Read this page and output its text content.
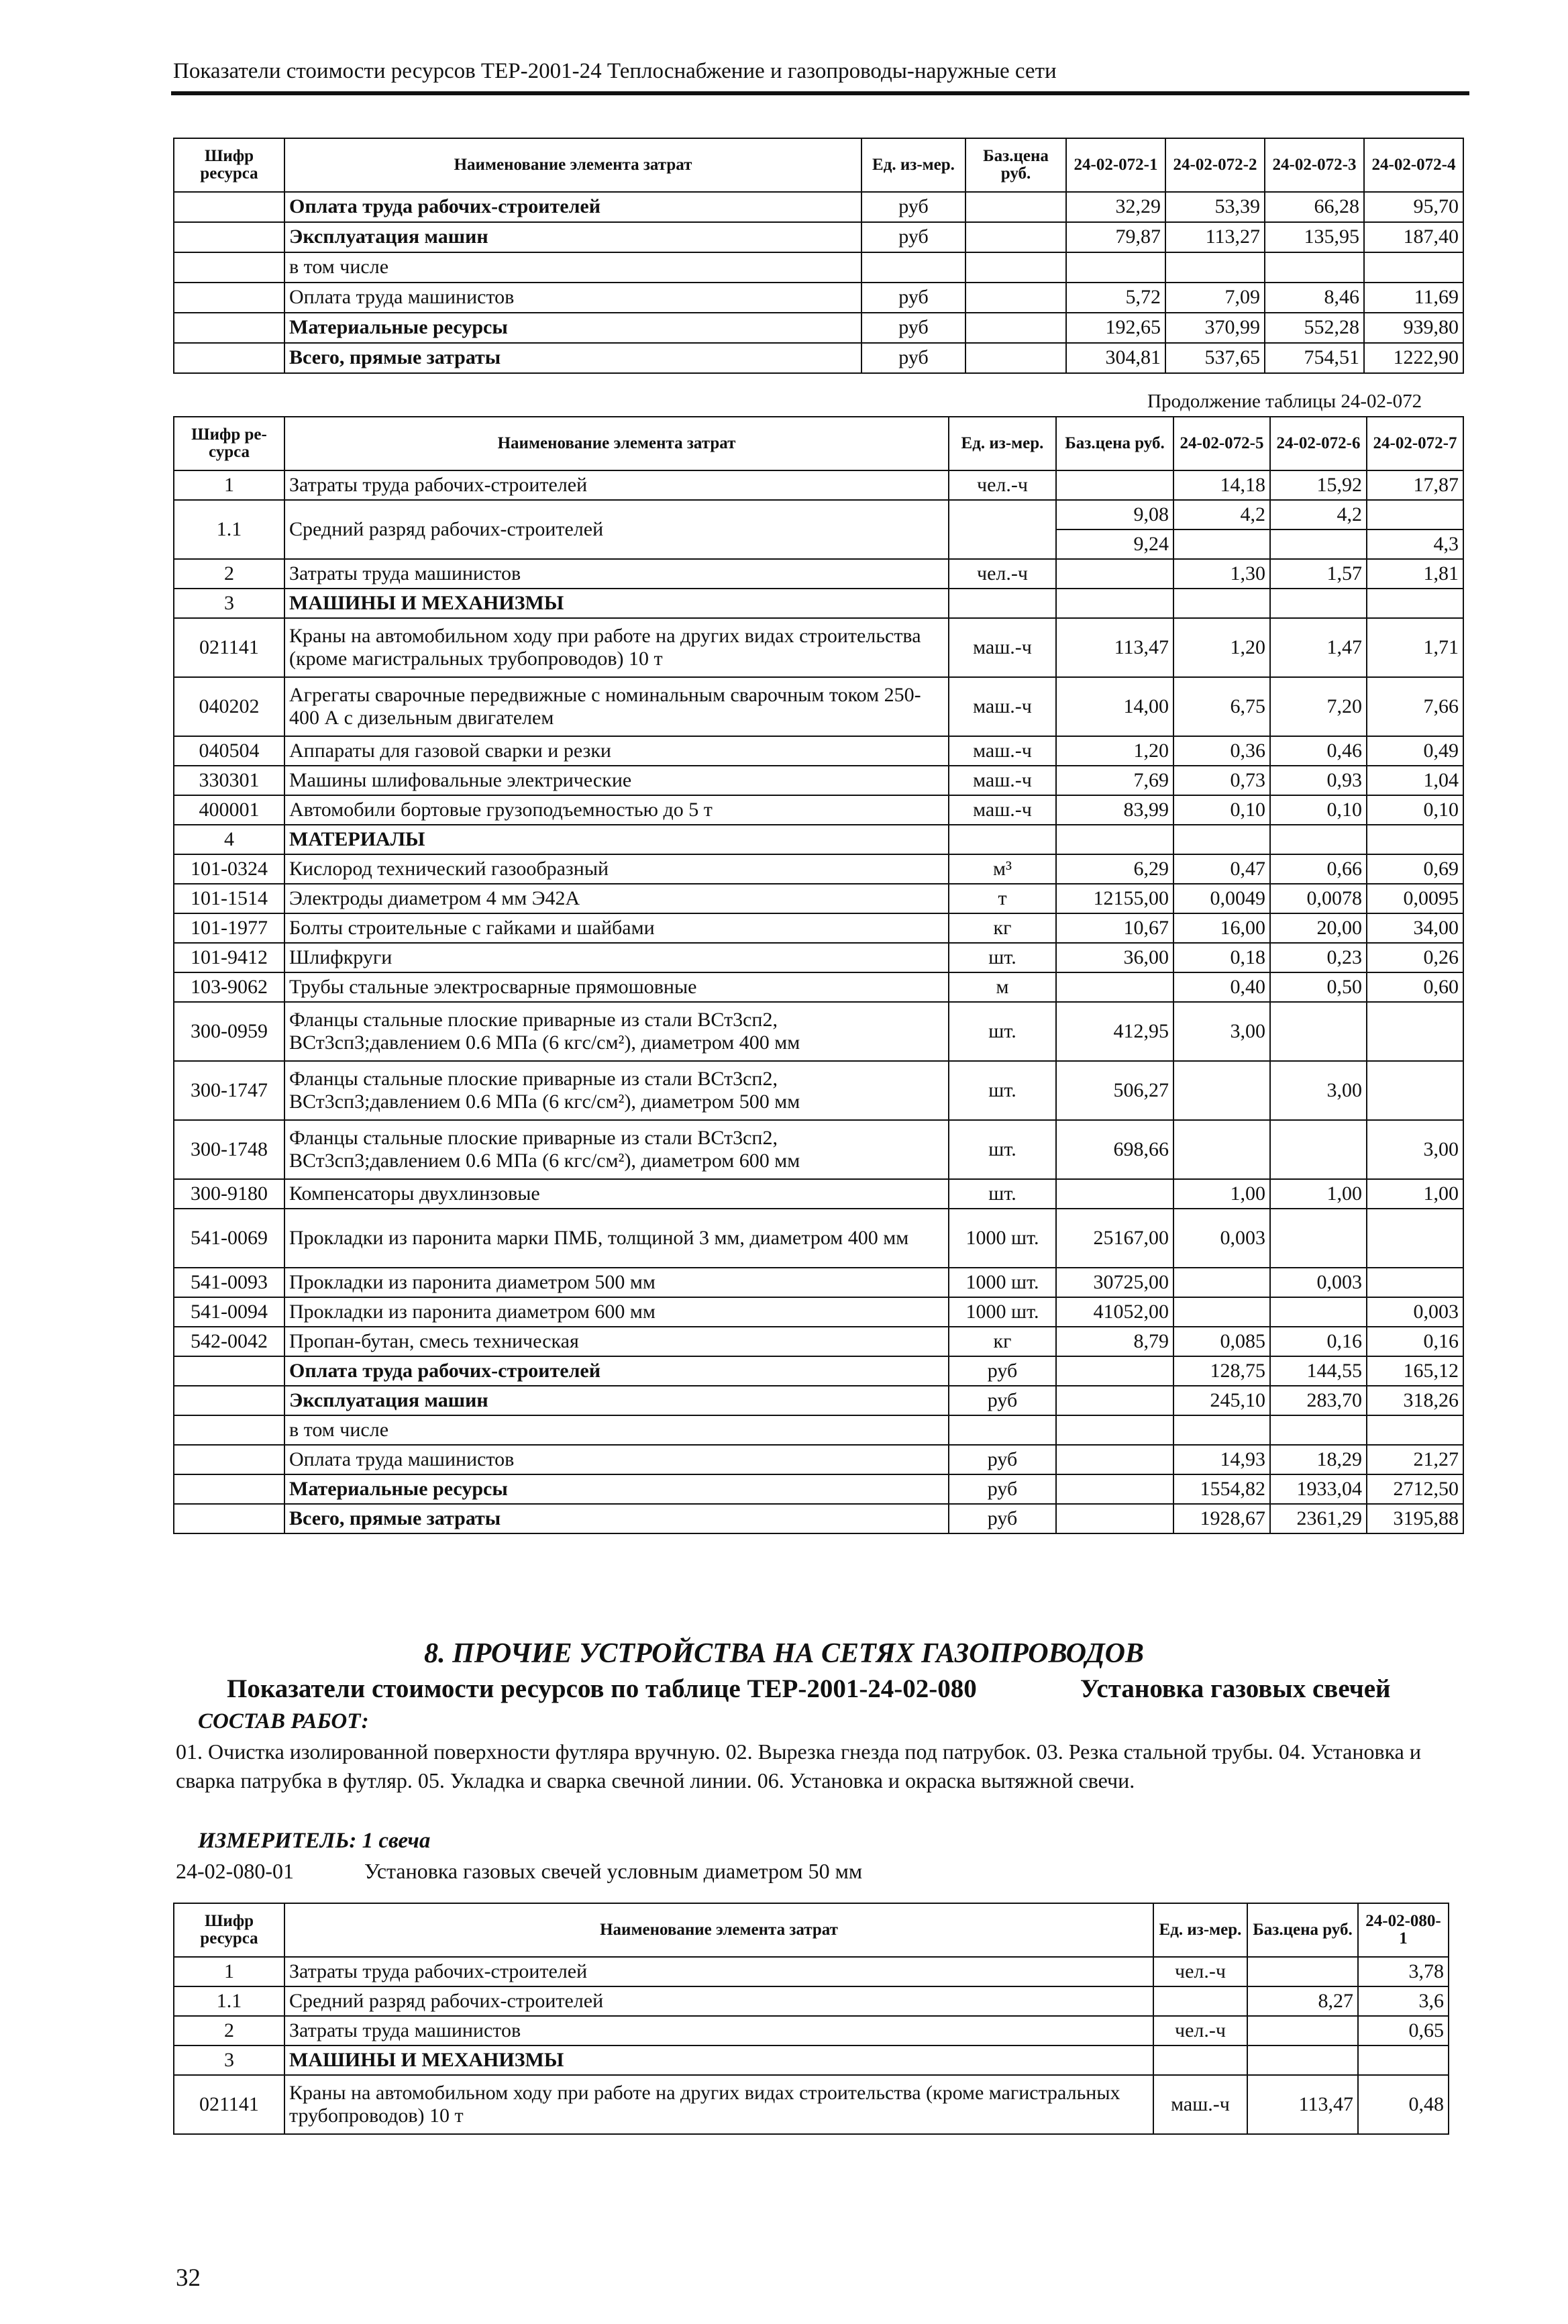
Показатели стоимости ресурсов ТЕР-2001-24 Теплоснабжение и газопроводы-наружные сети
Шифр ресурса	Наименование элемента затрат	Ед. из-мер.	Баз.цена руб.	24-02-072-1	24-02-072-2	24-02-072-3	24-02-072-4
	Оплата труда рабочих-строителей	руб		32,29	53,39	66,28	95,70
	Эксплуатация машин	руб		79,87	113,27	135,95	187,40
	в том числе						
	Оплата труда машинистов	руб		5,72	7,09	8,46	11,69
	Материальные ресурсы	руб		192,65	370,99	552,28	939,80
	Всего, прямые затраты	руб		304,81	537,65	754,51	1222,90
Продолжение таблицы 24-02-072
Шифр ре-сурса	Наименование элемента затрат	Ед. из-мер.	Баз.цена руб.	24-02-072-5	24-02-072-6	24-02-072-7
1	Затраты труда рабочих-строителей	чел.-ч		14,18	15,92	17,87
1.1	Средний разряд рабочих-строителей		9,08	4,2	4,2	
			9,24			4,3
2	Затраты труда машинистов	чел.-ч		1,30	1,57	1,81
3	МАШИНЫ И МЕХАНИЗМЫ					
021141	Краны на автомобильном ходу при работе на других видах строительства (кроме магистральных трубопроводов) 10 т	маш.-ч	113,47	1,20	1,47	1,71
040202	Агрегаты сварочные передвижные с номинальным сварочным током 250-400 А с дизельным двигателем	маш.-ч	14,00	6,75	7,20	7,66
040504	Аппараты для газовой сварки и резки	маш.-ч	1,20	0,36	0,46	0,49
330301	Машины шлифовальные электрические	маш.-ч	7,69	0,73	0,93	1,04
400001	Автомобили бортовые грузоподъемностью до 5 т	маш.-ч	83,99	0,10	0,10	0,10
4	МАТЕРИАЛЫ					
101-0324	Кислород технический газообразный	м³	6,29	0,47	0,66	0,69
101-1514	Электроды диаметром 4 мм Э42А	т	12155,00	0,0049	0,0078	0,0095
101-1977	Болты строительные с гайками и шайбами	кг	10,67	16,00	20,00	34,00
101-9412	Шлифкруги	шт.	36,00	0,18	0,23	0,26
103-9062	Трубы стальные электросварные прямошовные	м		0,40	0,50	0,60
300-0959	Фланцы стальные плоские приварные из стали ВСт3сп2, ВСт3сп3;давлением 0.6 МПа (6 кгс/см²), диаметром 400 мм	шт.	412,95	3,00		
300-1747	Фланцы стальные плоские приварные из стали ВСт3сп2, ВСт3сп3;давлением 0.6 МПа (6 кгс/см²), диаметром 500 мм	шт.	506,27		3,00	
300-1748	Фланцы стальные плоские приварные из стали ВСт3сп2, ВСт3сп3;давлением 0.6 МПа (6 кгс/см²), диаметром 600 мм	шт.	698,66			3,00
300-9180	Компенсаторы двухлинзовые	шт.		1,00	1,00	1,00
541-0069	Прокладки из паронита марки ПМБ, толщиной 3 мм, диаметром 400 мм	1000 шт.	25167,00	0,003		
541-0093	Прокладки из паронита диаметром 500 мм	1000 шт.	30725,00		0,003	
541-0094	Прокладки из паронита диаметром 600 мм	1000 шт.	41052,00			0,003
542-0042	Пропан-бутан, смесь техническая	кг	8,79	0,085	0,16	0,16
	Оплата труда рабочих-строителей	руб		128,75	144,55	165,12
	Эксплуатация машин	руб		245,10	283,70	318,26
	в том числе					
	Оплата труда машинистов	руб		14,93	18,29	21,27
	Материальные ресурсы	руб		1554,82	1933,04	2712,50
	Всего, прямые затраты	руб		1928,67	2361,29	3195,88
8. ПРОЧИЕ УСТРОЙСТВА НА СЕТЯХ ГАЗОПРОВОДОВ
Показатели стоимости ресурсов по таблице ТЕР-2001-24-02-080	Установка газовых свечей
СОСТАВ РАБОТ:
01. Очистка изолированной поверхности футляра вручную. 02. Вырезка гнезда под патрубок. 03. Резка стальной трубы. 04. Установка и сварка патрубка в футляр. 05. Укладка и сварка свечной линии. 06. Установка и окраска вытяжной свечи.
ИЗМЕРИТЕЛЬ: 1 свеча
24-02-080-01	Установка газовых свечей условным диаметром 50 мм
Шифр ресурса	Наименование элемента затрат	Ед. из-мер.	Баз.цена руб.	24-02-080-1
1	Затраты труда рабочих-строителей	чел.-ч		3,78
1.1	Средний разряд рабочих-строителей		8,27	3,6
2	Затраты труда машинистов	чел.-ч		0,65
3	МАШИНЫ И МЕХАНИЗМЫ			
021141	Краны на автомобильном ходу при работе на других видах строительства (кроме магистральных трубопроводов) 10 т	маш.-ч	113,47	0,48
32
